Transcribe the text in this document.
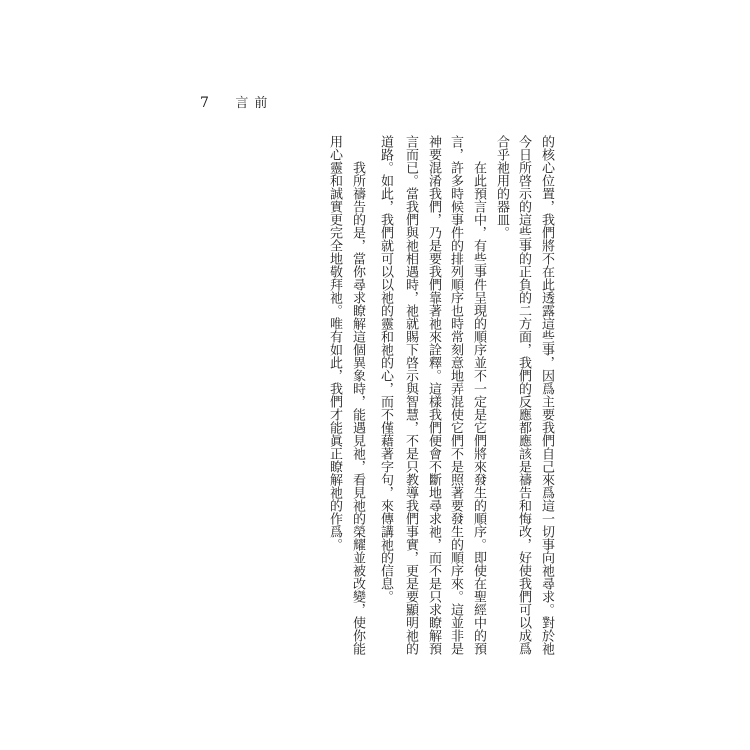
7 言前
的核心位置，我們將不在此透露這些事，因爲主要我們自己來爲這一切事向祂尋求。對於祂
今日所啓示的這些事的正負的二方面，我們的反應都應該是禱告和悔改，好使我們可以成爲
合乎祂用的器皿。
在此預言中，有些事件呈現的順序並不一定是它們將來發生的順序。即使在聖經中的預
言，許多時候事件的排列順序也時常刻意地弄混使它們不是照著要發生的順序來。這並非是
神要混淆我們，乃是要我們靠著祂來詮釋。這樣我們便會不斷地尋求祂，而不是只求瞭解預
言而已。當我們與祂相遇時，祂就賜下啓示與智慧，不是只教導我們事實，更是要顯明祂的
道路。如此，我們就可以以祂的靈和祂的心，而不僅藉著字句，來傳講祂的信息。
我所禱告的是，當你尋求瞭解這個異象時，能遇見祂，看見祂的榮耀並被改變，使你能
用心靈和誠實更完全地敬拜祂。唯有如此，我們才能眞正瞭解祂的作爲。
